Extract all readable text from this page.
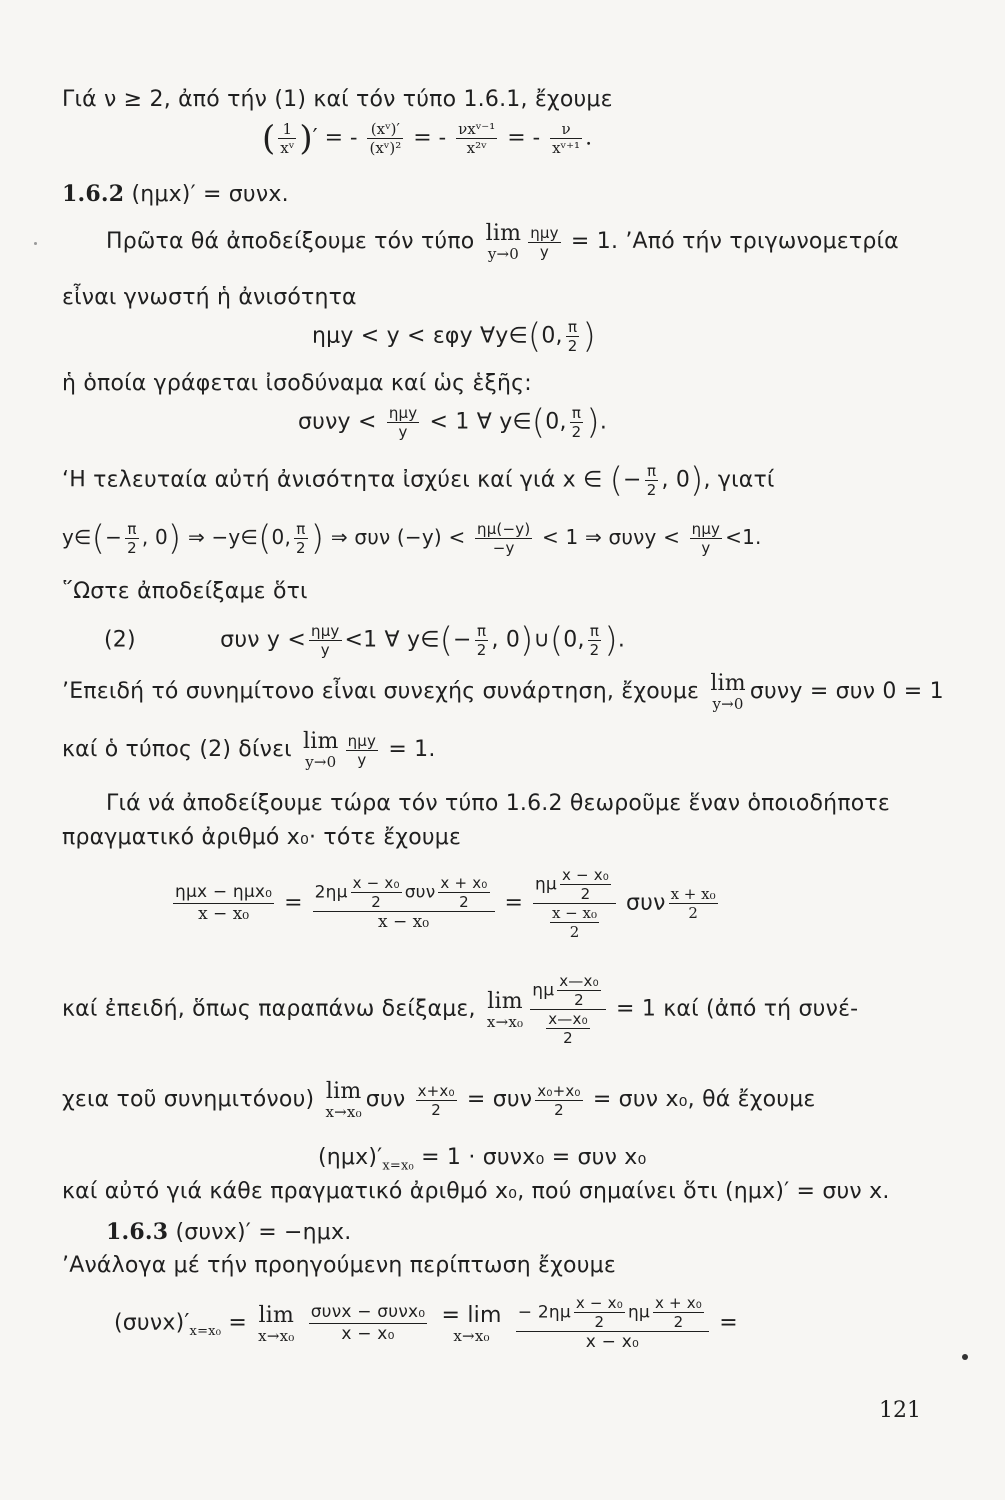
Γιά ν ≥ 2, ἀπό τήν (1) καί τόν τύπο 1.6.1, ἔχουμε
( $\frac{1}{\text{xᵛ}}$ )′ = - $\frac{\text{(xᵛ)′}}{\text{(xᵛ)²}}$ = - $\frac{\text{νxᵛ⁻¹}}{\text{x²ᵛ}}$ = - $\frac{\nu}{\text{xᵛ⁺¹}}$ .
1.6.2 (ημx)′ = συνx.
Πρῶτα θά ἀποδείξουμε τόν τύπο lim
$y\to 0 \frac{\text{ημy}}{y} = 1$. ’Από τήν τριγωνομετρία
εἶναι γνωστή ἡ ἀνισότητα
ημy < y < εφy ∀y∈(0, $\frac{\pi}{2}$ )
ἡ ὁποία γράφεται ἰσοδύναμα καί ὡς ἑξῆς:
$\sigma\upsilon\nu y < \frac{\text{ημy}}{y} < 1$ ∀ y∈(0, $\frac{\pi}{2}$ ).
‘Η τελευταία αὐτή ἀνισότητα ἰσχύει καί γιά x ∈ (− $\frac{\pi}{2}$ , 0), γιατί
y∈(− $\frac{\pi}{2}$ , 0) ⇒ −y∈(0, $\frac{\pi}{2}$ ) ⇒ συν $(-y) < \frac{\eta\mu(-y)}{-y} < 1$ ⇒ $\sigma\upsilon\nu y < \frac{\text{ημy}}{y} <1$.
῞Ωστε ἀποδείξαμε ὅτι
(2)	συν $y < \frac{\text{ημy}}{y} <1$ ∀ y∈(− $\frac{\pi}{2}$ , 0)∪(0, $\frac{\pi}{2}$ ).
’Επειδή τό συνημίτονο εἶναι συνεχής συνάρτηση, ἔχουμε lim
y→0 συνy = συν 0 = 1
καί ὁ τύπος (2) δίνει lim
$y\to 0 \frac{\text{ημy}}{y} = 1$.
Γιά νά ἀποδείξουμε τώρα τόν τύπο 1.6.2 θεωροῦμε ἕναν ὁποιοδήποτε
πραγματικό ἀριθμό x₀· τότε ἔχουμε
$\frac{\text{ημx − ημx₀}}{\text{x − x₀}} = \frac{2\eta\mu \frac{\text{x − x₀}}{2} \sigma\upsilon\nu \frac{\text{x + x₀}}{2}}{\text{x − x₀}} = \frac{\eta\mu \frac{\text{x − x₀}}{2}}{\frac{\text{x − x₀}}{2}}$ συν $\frac{\text{x + x₀}}{2}$
καί ἐπειδή, ὅπως παραπάνω δείξαμε, lim
$x\to x_0 \frac{\eta\mu \frac{\text{x—x₀}}{2}}{\frac{\text{x—x₀}}{2}} = 1$ καί (ἀπό τή συνέ-
χεια τοῦ συνημιτόνου) lim
x→x₀ συν $\frac{\text{x+x₀}}{2} = \sigma\upsilon\nu \frac{\text{x₀+x₀}}{2} = \sigma\upsilon\nu$ x₀, θά ἔχουμε
$(\eta\mu x)'_{x=x_0} = 1 \cdot \sigma\upsilon\nu x_0 = \sigma\upsilon\nu$ x₀
καί αὐτό γιά κάθε πραγματικό ἀριθμό x₀, πού σημαίνει ὅτι (ημx)′ = συν x.
1.6.3 (συνx)′ = −ημx.
’Ανάλογα μέ τήν προηγούμενη περίπτωση ἔχουμε
$(\sigma\upsilon\nu x)'_{x=x_0} = \lim$
x→x₀
$\frac{\text{συνx − συνx₀}}{\text{x − x₀}}$
= lim
x→x₀
	$\frac{- 2\eta\mu \frac{\text{x − x₀}}{2} \eta\mu \frac{\text{x + x₀}}{2}}{\text{x − x₀}}$ =
121
